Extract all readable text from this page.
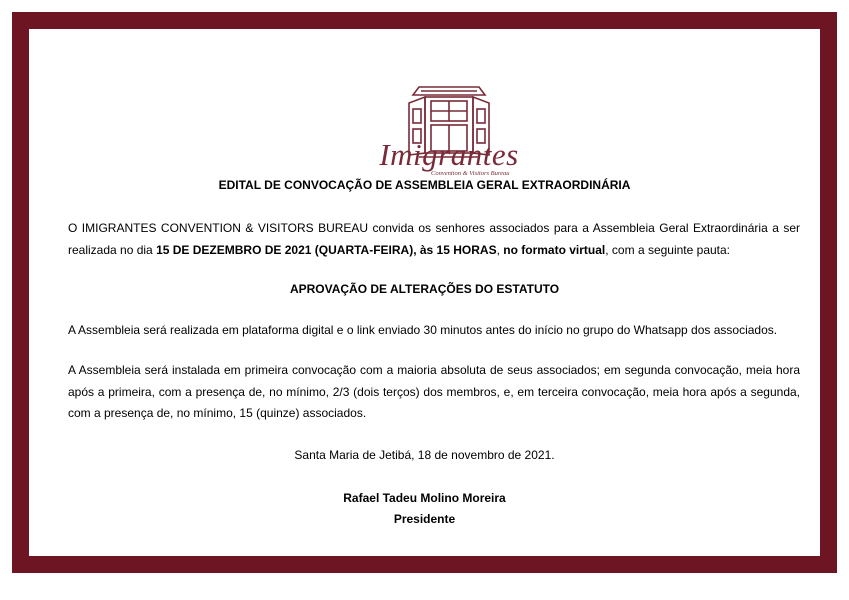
Imigrantes
Convention & Visitors Bureau
EDITAL DE CONVOCAÇÃO DE ASSEMBLEIA GERAL EXTRAORDINÁRIA
O IMIGRANTES CONVENTION & VISITORS BUREAU convida os senhores associados para a Assembleia Geral Extraordinária a ser realizada no dia 15 DE DEZEMBRO DE 2021 (QUARTA-FEIRA), às 15 HORAS, no formato virtual, com a seguinte pauta:
APROVAÇÃO DE ALTERAÇÕES DO ESTATUTO
A Assembleia será realizada em plataforma digital e o link enviado 30 minutos antes do início no grupo do Whatsapp dos associados.
A Assembleia será instalada em primeira convocação com a maioria absoluta de seus associados; em segunda convocação, meia hora após a primeira, com a presença de, no mínimo, 2/3 (dois terços) dos membros, e, em terceira convocação, meia hora após a segunda, com a presença de, no mínimo, 15 (quinze) associados.
Santa Maria de Jetibá, 18 de novembro de 2021.
Rafael Tadeu Molino Moreira
Presidente
